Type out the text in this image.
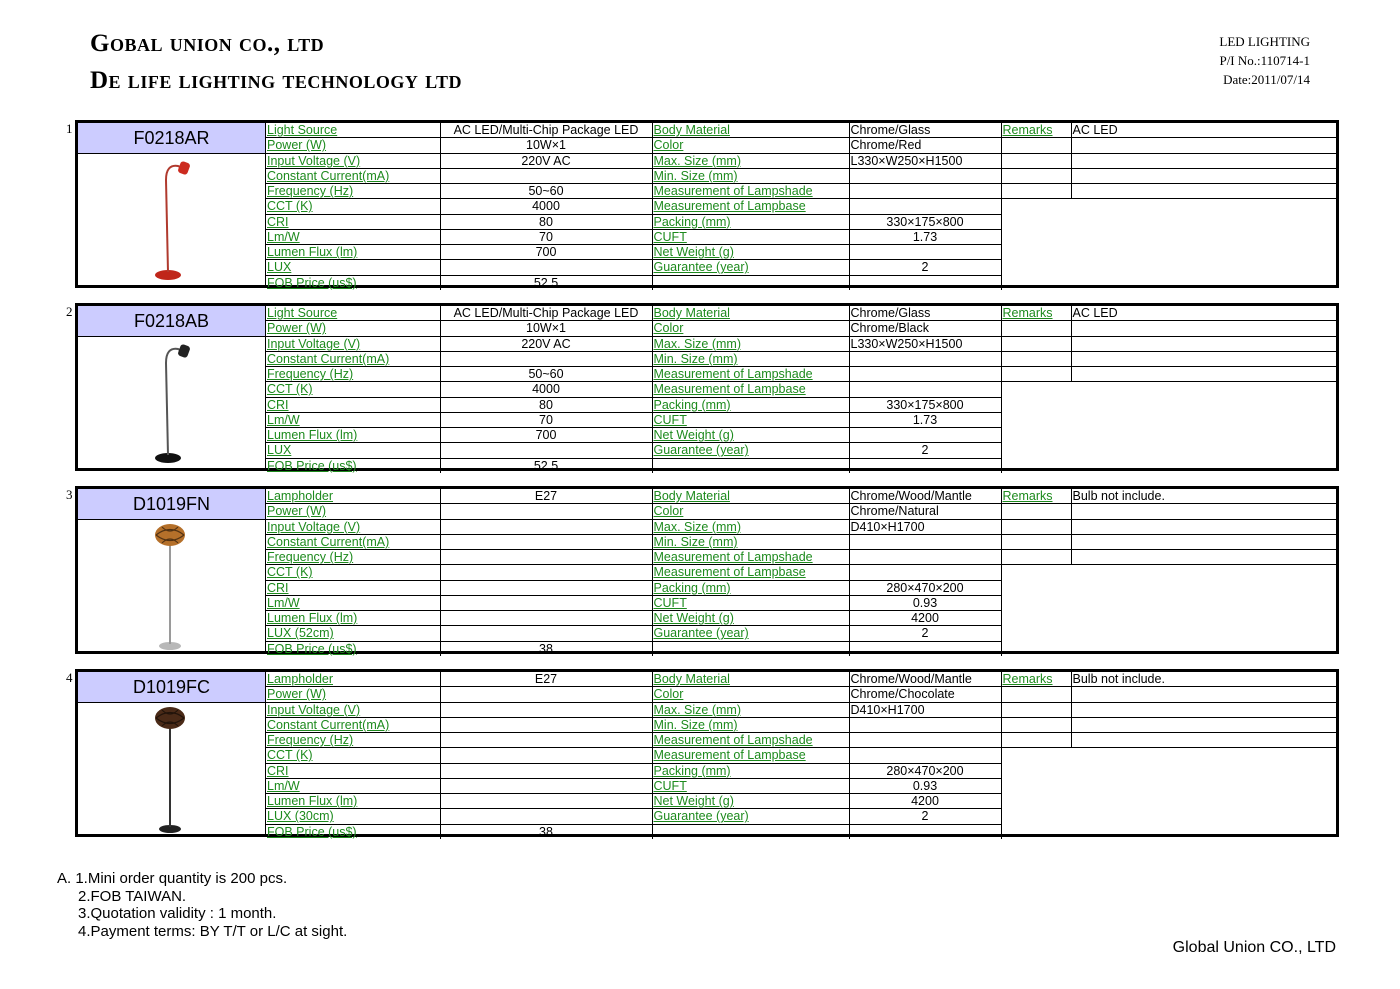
Gobal union co., ltd
De life lighting technology ltd
LED LIGHTING
P/I No.:110714-1
Date:2011/07/14
1	F0218AR	Light Source	AC LED/Multi-Chip Package LED	Body Material	Chrome/Glass	Remarks	AC LED
Power (W)	10W×1	Color	Chrome/Red		
Input Voltage (V)	220V AC	Max. Size (mm)	L330×W250×H1500		
Constant Current(mA)		Min. Size (mm)			
Frequency (Hz)	50~60	Measurement of Lampshade			
CCT (K)	4000	Measurement of Lampbase			
CRI	80	Packing (mm)	330×175×800		
Lm/W	70	CUFT	1.73		
Lumen Flux (lm)	700	Net Weight (g)			
LUX		Guarantee (year)	2		
FOB Price (us$)	52.5				
2	F0218AB	Light Source	AC LED/Multi-Chip Package LED	Body Material	Chrome/Glass	Remarks	AC LED
Power (W)	10W×1	Color	Chrome/Black		
Input Voltage (V)	220V AC	Max. Size (mm)	L330×W250×H1500		
Constant Current(mA)		Min. Size (mm)			
Frequency (Hz)	50~60	Measurement of Lampshade			
CCT (K)	4000	Measurement of Lampbase			
CRI	80	Packing (mm)	330×175×800		
Lm/W	70	CUFT	1.73		
Lumen Flux (lm)	700	Net Weight (g)			
LUX		Guarantee (year)	2		
FOB Price (us$)	52.5				
3	D1019FN	Lampholder	E27	Body Material	Chrome/Wood/Mantle	Remarks	Bulb not include.
Power (W)		Color	Chrome/Natural		
Input Voltage (V)		Max. Size (mm)	D410×H1700		
Constant Current(mA)		Min. Size (mm)			
Frequency (Hz)		Measurement of Lampshade			
CCT (K)		Measurement of Lampbase			
CRI		Packing (mm)	280×470×200		
Lm/W		CUFT	0.93		
Lumen Flux (lm)		Net Weight (g)	4200		
LUX (52cm)		Guarantee (year)	2		
FOB Price (us$)	38				
4	D1019FC	Lampholder	E27	Body Material	Chrome/Wood/Mantle	Remarks	Bulb not include.
Power (W)		Color	Chrome/Chocolate		
Input Voltage (V)		Max. Size (mm)	D410×H1700		
Constant Current(mA)		Min. Size (mm)			
Frequency (Hz)		Measurement of Lampshade			
CCT (K)		Measurement of Lampbase			
CRI		Packing (mm)	280×470×200		
Lm/W		CUFT	0.93		
Lumen Flux (lm)		Net Weight (g)	4200		
LUX (30cm)		Guarantee (year)	2		
FOB Price (us$)	38				
A. 1.Mini order quantity is 200 pcs.
2.FOB TAIWAN.
3.Quotation validity : 1 month.
4.Payment terms: BY T/T or L/C at sight.
Global Union CO., LTD
